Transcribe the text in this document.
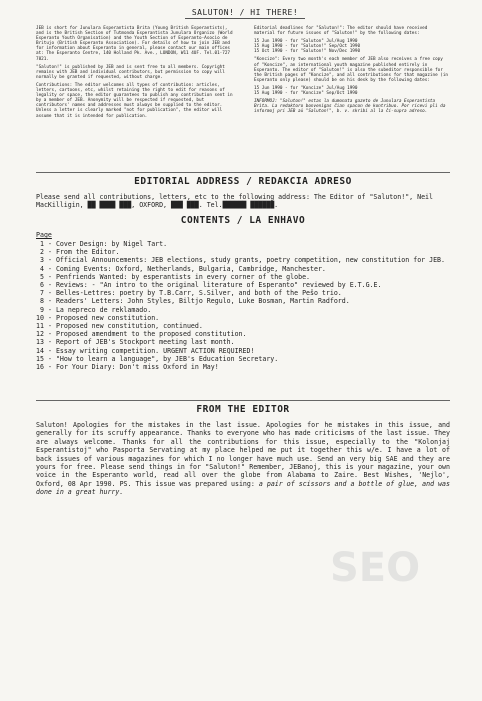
SALUTON! / HI THERE!

JEB is short for Junulara Esperantista Brita (Young British Esperantists), and is the British Section of Tutmonda Esperantista Junulara Organizo (World Esperanto Youth Organisation) and the Youth Section of Esperanto-Asocio de Britujo (British Esperanto Association). For details of how to join JEB and for information about Esperanto in general, please contact our main offices at: The Esperanto Centre, 140 Holland Pk. Ave., LONDON, W11 4UF. Tel.01-727 7821.

"Saluton!" is published by JEB and is sent free to all members. Copyright remains with JEB and individual contributors, but permission to copy will normally be granted if requested, without charge.

Contributions: The editor welcomes all types of contribution: articles, letters, cartoons, etc, whilst retaining the right to edit for reasons of legality or space, the editor guarantees to publish any contribution sent in by a member of JEB. Anonymity will be respected if requested, but contributors' names and addresses must always be supplied to the editor. Unless a letter is clearly marked "not for publication", the editor will assume that it is intended for publication.

Editorial deadlines for "Saluton!": The editor should have received material for future issues of "Saluton!" by the following dates:

15 Jun 1990 - for "Saluton" Jul/Aug 1990
15 Aug 1990 - for "Saluton!" Sep/Oct 1990
15 Oct 1990 - for "Saluton!" Nov/Dec 1990

"Koncize": Every two month's each member of JEB also receives a free copy of "Koncize", an international youth magazine published entirely in Esperanto. The editor of "Saluton!" is also the subeditor responsible for the British pages of "Koncize", and all contributions for that magazine (in Esperanto only please) should be on his desk by the following dates:

15 Jun 1990 - for "Koncize" Jul/Aug 1990
15 Aug 1990 - for "Koncize" Sep/Oct 1990

INFORMOJ: "Saluton!" estas la dumonata gazeto de Junulara Esperantista Brita. La redaktoro bonvenigas ĉian spacon de kontribuo. Por ricevi pli da informoj pri JEB aŭ "Saluton!", b. v. skribi al la ĉi-supra adreso.

EDITORIAL ADDRESS / REDAKCIA ADRESO
Please send all contributions, letters, etc to the following address: The Editor of "Saluton!", Neil MacKilligin, ██ ████ ███, OXFORD, ███ ███. Tel.██████ ██████.
CONTENTS / LA ENHAVO
Page
1 - Cover Design: by Nigel Tart.
2 - From the Editor.
3 - Official Announcements: JEB elections, study grants, poetry competition, new constitution for JEB.
4 - Coming Events: Oxford, Netherlands, Bulgaria, Cambridge, Manchester.
5 - Penfriends Wanted: by esperantists in every corner of the globe.
6 - Reviews: - "An intro to the original literature of Esperanto" reviewed by E.T.G.E.
7 - Belles-Lettres: poetry by T.B.Carr, S.Silver, and both of the Peŝo trio.
8 - Readers' Letters: John Styles, Biltjo Regulo, Luke Bosman, Martin Radford.
9 - La nepreco de reklamado.
10 - Proposed new constitution.
11 - Proposed new constitution, continued.
12 - Proposed amendment to the proposed constitution.
13 - Report of JEB's Stockport meeting last month.
14 - Essay writing competition. URGENT ACTION REQUIRED!
15 - "How to learn a language", by JEB's Education Secretary.
16 - For Your Diary: Don't miss Oxford in May!
FROM THE EDITOR
Saluton! Apologies for the mistakes in the last issue. Apologies for he mistakes in this issue, and generally for its scruffy appearance. Thanks to everyone who has made criticisms of the last issue. They are always welcome. Thanks for all the contributions for this issue, especially to the "Kolonjaj Esperantistoj" who Pasporta Servating at my place helped me put it together this w/e. I have a lot of back issues of various magazines for which I no longer have much use. Send an very big SAE and they are yours for free. Please send things in for "Saluton!" Remember, JEBanoj, this is your magazine, your own voice in the Esperanto world, read all over the globe from Alabama to Zaire. Best Wishes, 'Nejlo', Oxford, 08 Apr 1990. PS. This issue was prepared using: a pair of scissors and a bottle of glue, and was done in a great hurry.
SEO
